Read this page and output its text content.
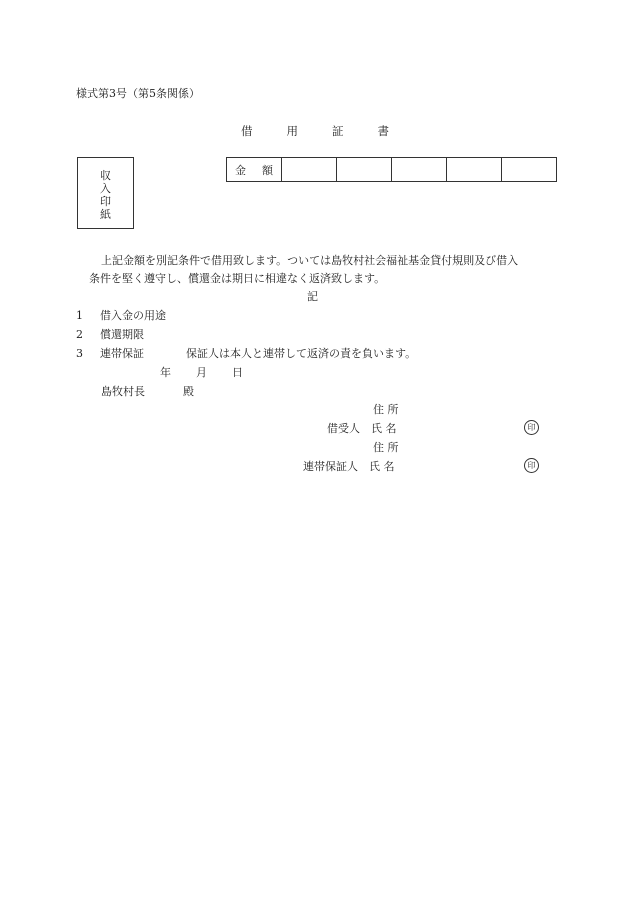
様式第3号（第5条関係）
借	用	証	書
収
入
印
紙
金 額					
上記金額を別記条件で借用致します。ついては島牧村社会福祉基金貸付規則及び借入
条件を堅く遵守し、償還金は期日に相違なく返済致します。
記
1 借入金の用途
2 償還期限
3 連帯保証	保証人は本人と連帯して返済の責を負います。
年 月 日
島牧村長	殿
住 所
借受人 氏 名	印
住 所
連帯保証人 氏 名	印
